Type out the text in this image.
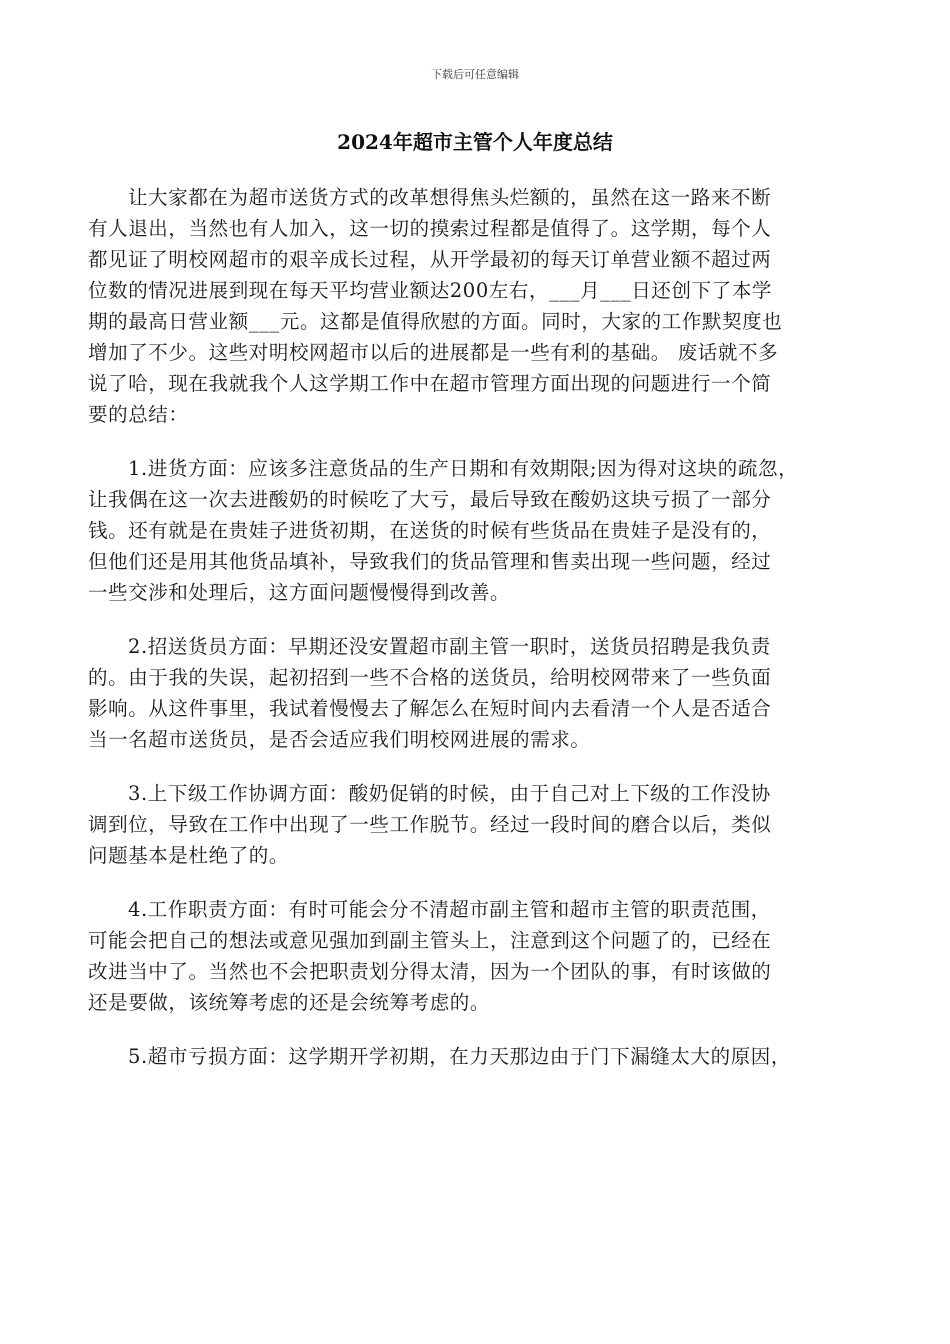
下载后可任意编辑
2024年超市主管个人年度总结
让大家都在为超市送货方式的改革想得焦头烂额的，虽然在这一路来不断
有人退出，当然也有人加入，这一切的摸索过程都是值得了。这学期，每个人
都见证了明校网超市的艰辛成长过程，从开学最初的每天订单营业额不超过两
位数的情况进展到现在每天平均营业额达200左右，___月___日还创下了本学
期的最高日营业额___元。这都是值得欣慰的方面。同时，大家的工作默契度也
增加了不少。这些对明校网超市以后的进展都是一些有利的基础。 废话就不多
说了哈，现在我就我个人这学期工作中在超市管理方面出现的问题进行一个简
要的总结：
1.进货方面：应该多注意货品的生产日期和有效期限;因为得对这块的疏忽，
让我偶在这一次去进酸奶的时候吃了大亏，最后导致在酸奶这块亏损了一部分
钱。还有就是在贵娃子进货初期，在送货的时候有些货品在贵娃子是没有的，
但他们还是用其他货品填补，导致我们的货品管理和售卖出现一些问题，经过
一些交涉和处理后，这方面问题慢慢得到改善。
2.招送货员方面：早期还没安置超市副主管一职时，送货员招聘是我负责
的。由于我的失误，起初招到一些不合格的送货员，给明校网带来了一些负面
影响。从这件事里，我试着慢慢去了解怎么在短时间内去看清一个人是否适合
当一名超市送货员，是否会适应我们明校网进展的需求。
3.上下级工作协调方面：酸奶促销的时候，由于自己对上下级的工作没协
调到位，导致在工作中出现了一些工作脱节。经过一段时间的磨合以后，类似
问题基本是杜绝了的。
4.工作职责方面：有时可能会分不清超市副主管和超市主管的职责范围，
可能会把自己的想法或意见强加到副主管头上，注意到这个问题了的，已经在
改进当中了。当然也不会把职责划分得太清，因为一个团队的事，有时该做的
还是要做，该统筹考虑的还是会统筹考虑的。
5.超市亏损方面：这学期开学初期，在力天那边由于门下漏缝太大的原因，
